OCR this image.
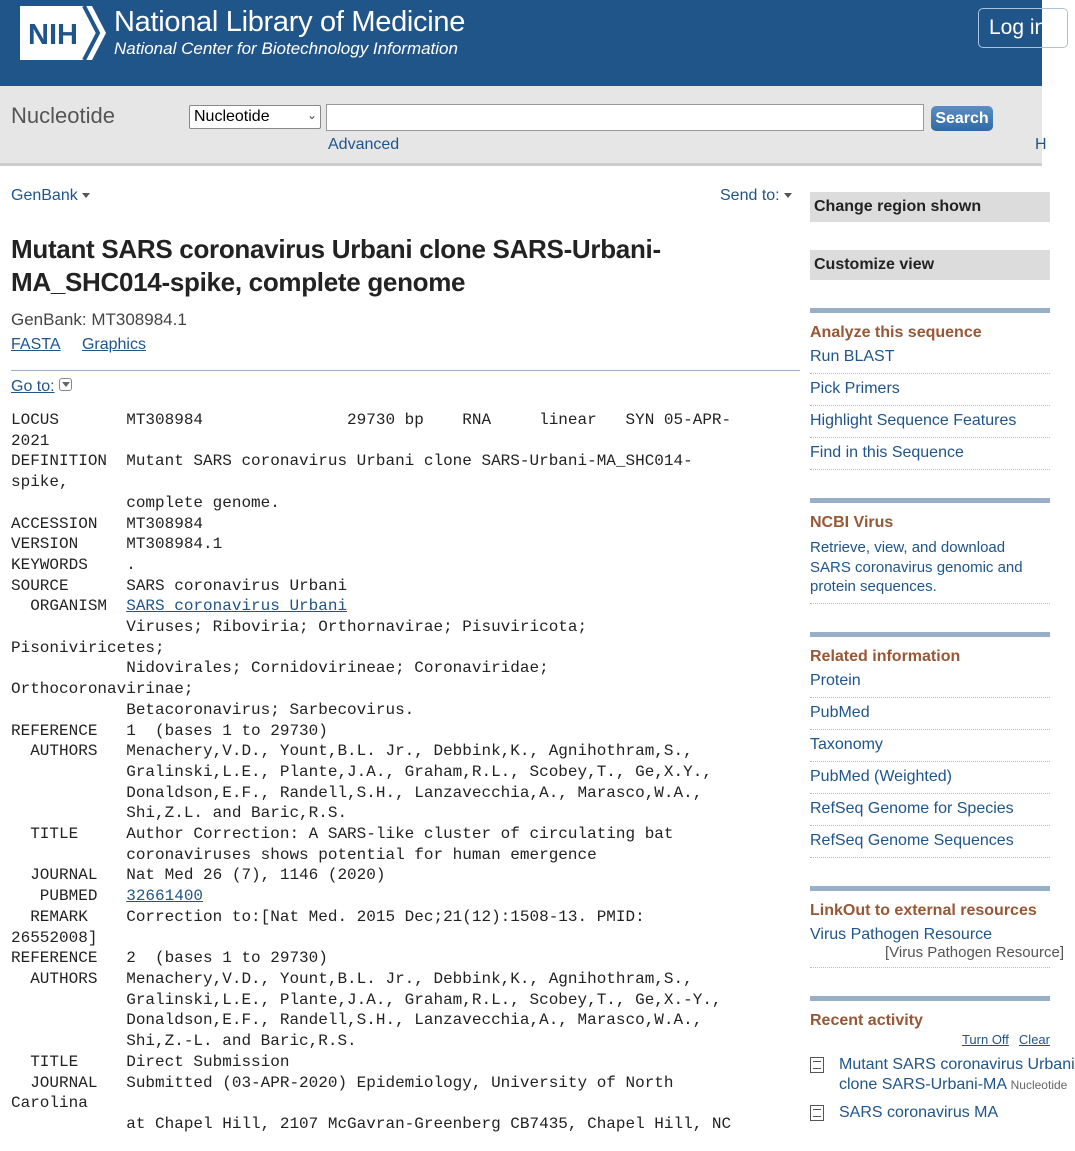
NIH National Library of Medicine
National Center for Biotechnology Information
Log in
Nucleotide	Nucleotide	⌄	Search
Advanced	H
GenBank	Send to:
Mutant SARS coronavirus Urbani clone SARS-Urbani-MA_SHC014-spike, complete genome
GenBank: MT308984.1
FASTA Graphics
Go to:
LOCUS       MT308984               29730 bp    RNA     linear   SYN 05-APR-
2021
DEFINITION  Mutant SARS coronavirus Urbani clone SARS-Urbani-MA_SHC014-
spike,
complete genome.
ACCESSION   MT308984
VERSION     MT308984.1
KEYWORDS    .
SOURCE      SARS coronavirus Urbani
ORGANISM  SARS coronavirus Urbani
Viruses; Riboviria; Orthornavirae; Pisuviricota;
Pisoniviricetes;
Nidovirales; Cornidovirineae; Coronaviridae;
Orthocoronavirinae;
Betacoronavirus; Sarbecovirus.
REFERENCE   1  (bases 1 to 29730)
AUTHORS   Menachery,V.D., Yount,B.L. Jr., Debbink,K., Agnihothram,S.,
Gralinski,L.E., Plante,J.A., Graham,R.L., Scobey,T., Ge,X.Y.,
Donaldson,E.F., Randell,S.H., Lanzavecchia,A., Marasco,W.A.,
Shi,Z.L. and Baric,R.S.
TITLE     Author Correction: A SARS-like cluster of circulating bat
coronaviruses shows potential for human emergence
JOURNAL   Nat Med 26 (7), 1146 (2020)
PUBMED   32661400
REMARK    Correction to:[Nat Med. 2015 Dec;21(12):1508-13. PMID:
26552008]
REFERENCE   2  (bases 1 to 29730)
AUTHORS   Menachery,V.D., Yount,B.L. Jr., Debbink,K., Agnihothram,S.,
Gralinski,L.E., Plante,J.A., Graham,R.L., Scobey,T., Ge,X.-Y.,
Donaldson,E.F., Randell,S.H., Lanzavecchia,A., Marasco,W.A.,
Shi,Z.-L. and Baric,R.S.
TITLE     Direct Submission
JOURNAL   Submitted (03-APR-2020) Epidemiology, University of North
Carolina
at Chapel Hill, 2107 McGavran-Greenberg CB7435, Chapel Hill, NC
Change region shown
Customize view
Analyze this sequence
Run BLAST
Pick Primers
Highlight Sequence Features
Find in this Sequence
NCBI Virus
Retrieve, view, and download SARS coronavirus genomic and protein sequences.
Related information
Protein
PubMed
Taxonomy
PubMed (Weighted)
RefSeq Genome for Species
RefSeq Genome Sequences
LinkOut to external resources
Virus Pathogen Resource
[Virus Pathogen Resource]
Recent activity
Turn Off Clear
Mutant SARS coronavirus Urbani
clone SARS-Urbani-MA Nucleotide
SARS coronavirus MA
